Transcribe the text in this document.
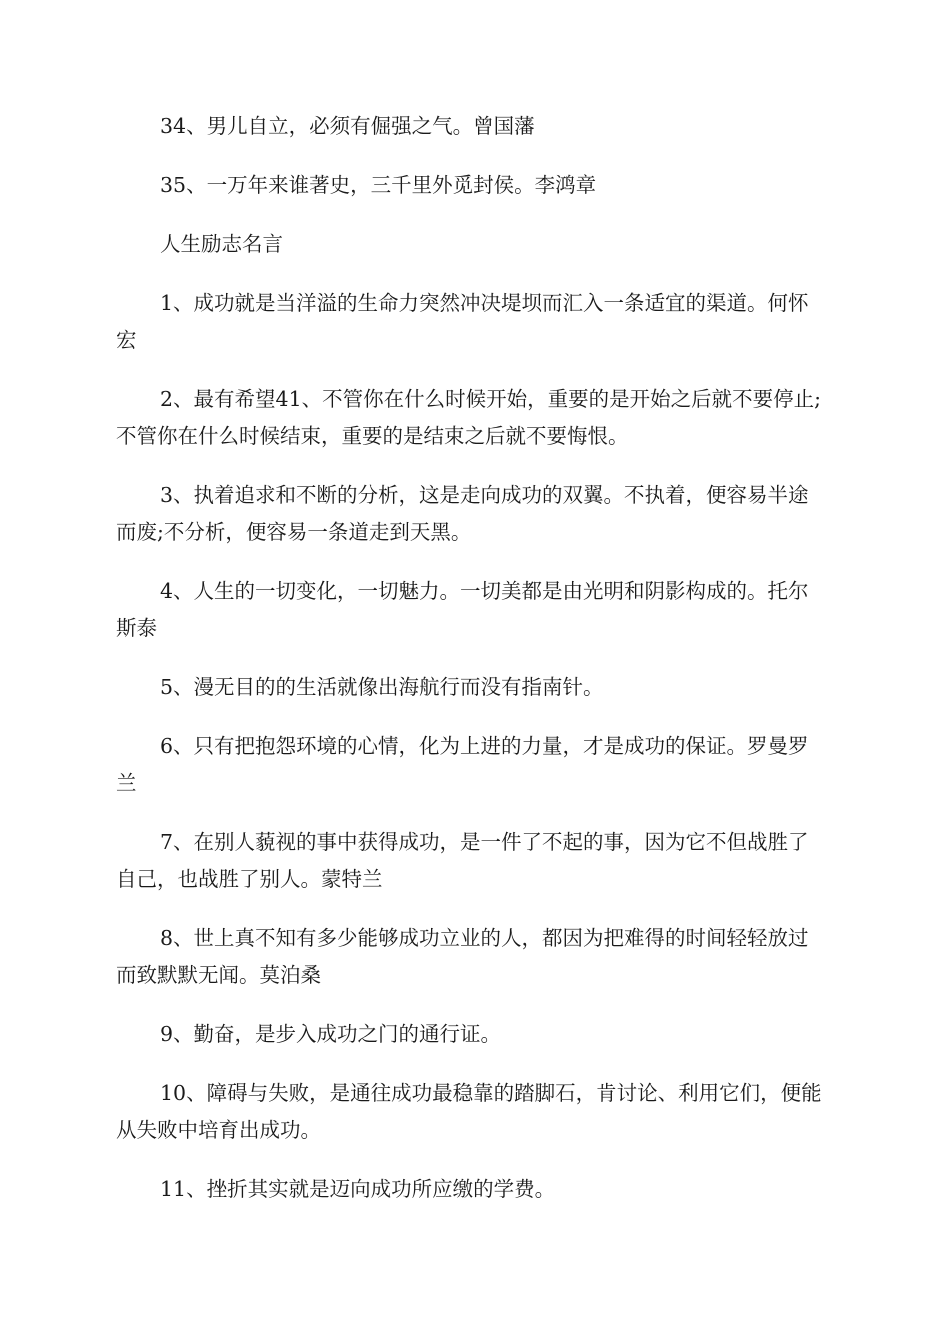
34、男儿自立，必须有倔强之气。曾国藩

35、一万年来谁著史，三千里外觅封侯。李鸿章

人生励志名言

1、成功就是当洋溢的生命力突然冲决堤坝而汇入一条适宜的渠道。何怀宏

2、最有希望41、不管你在什么时候开始，重要的是开始之后就不要停止;不管你在什么时候结束，重要的是结束之后就不要悔恨。

3、执着追求和不断的分析，这是走向成功的双翼。不执着，便容易半途而废;不分析，便容易一条道走到天黑。

4、人生的一切变化，一切魅力。一切美都是由光明和阴影构成的。托尔斯泰

5、漫无目的的生活就像出海航行而没有指南针。

6、只有把抱怨环境的心情，化为上进的力量，才是成功的保证。罗曼罗兰

7、在别人藐视的事中获得成功，是一件了不起的事，因为它不但战胜了自己，也战胜了别人。蒙特兰

8、世上真不知有多少能够成功立业的人，都因为把难得的时间轻轻放过而致默默无闻。莫泊桑

9、勤奋，是步入成功之门的通行证。

10、障碍与失败，是通往成功最稳靠的踏脚石，肯讨论、利用它们，便能从失败中培育出成功。

11、挫折其实就是迈向成功所应缴的学费。
